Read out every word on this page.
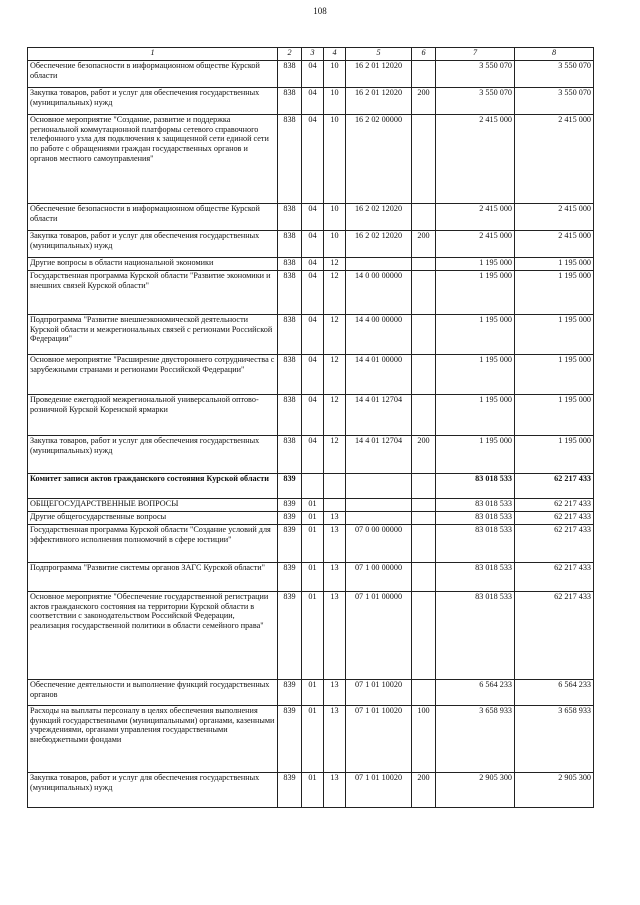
108
1	2	3	4	5	6	7	8
Обеспечение безопасности в информационном обществе Курской области	838	04	10	16 2 01 12020		3 550 070	3 550 070
Закупка товаров, работ и услуг для обеспечения государственных (муниципальных) нужд	838	04	10	16 2 01 12020	200	3 550 070	3 550 070
Основное мероприятие "Создание, развитие и поддержка региональной коммутационной платформы сетевого справочного телефонного узла для подключения к защищенной сети единой сети по работе с обращениями граждан государственных органов и органов местного самоуправления"	838	04	10	16 2 02 00000		2 415 000	2 415 000
Обеспечение безопасности в информационном обществе Курской области	838	04	10	16 2 02 12020		2 415 000	2 415 000
Закупка товаров, работ и услуг для обеспечения государственных (муниципальных) нужд	838	04	10	16 2 02 12020	200	2 415 000	2 415 000
Другие вопросы в области национальной экономики	838	04	12			1 195 000	1 195 000
Государственная программа Курской области "Развитие экономики и внешних связей Курской области"	838	04	12	14 0 00 00000		1 195 000	1 195 000
Подпрограмма "Развитие внешнеэкономической деятельности Курской области и межрегиональных связей с регионами Российской Федерации"	838	04	12	14 4 00 00000		1 195 000	1 195 000
Основное мероприятие "Расширение двустороннего сотрудничества с зарубежными странами и регионами Российской Федерации"	838	04	12	14 4 01 00000		1 195 000	1 195 000
Проведение ежегодной межрегиональной универсальной оптово-розничной Курской Коренской ярмарки	838	04	12	14 4 01 12704		1 195 000	1 195 000
Закупка товаров, работ и услуг для обеспечения государственных (муниципальных) нужд	838	04	12	14 4 01 12704	200	1 195 000	1 195 000
Комитет записи актов гражданского состояния Курской области	839					83 018 533	62 217 433
ОБЩЕГОСУДАРСТВЕННЫЕ ВОПРОСЫ	839	01				83 018 533	62 217 433
Другие общегосударственные вопросы	839	01	13			83 018 533	62 217 433
Государственная программа Курской области "Создание условий для эффективного исполнения полномочий в сфере юстиции"	839	01	13	07 0 00 00000		83 018 533	62 217 433
Подпрограмма "Развитие системы органов ЗАГС Курской области"	839	01	13	07 1 00 00000		83 018 533	62 217 433
Основное мероприятие "Обеспечение государственной регистрации актов гражданского состояния на территории Курской области в соответствии с законодательством Российской Федерации, реализация государственной политики в области семейного права"	839	01	13	07 1 01 00000		83 018 533	62 217 433
Обеспечение деятельности и выполнение функций государственных органов	839	01	13	07 1 01 10020		6 564 233	6 564 233
Расходы на выплаты персоналу в целях обеспечения выполнения функций государственными (муниципальными) органами, казенными учреждениями, органами управления государственными внебюджетными фондами	839	01	13	07 1 01 10020	100	3 658 933	3 658 933
Закупка товаров, работ и услуг для обеспечения государственных (муниципальных) нужд	839	01	13	07 1 01 10020	200	2 905 300	2 905 300
